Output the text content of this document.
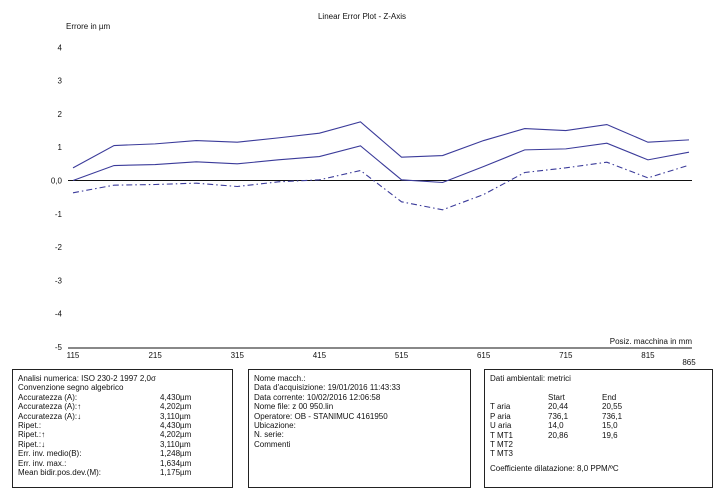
Linear Error Plot - Z-Axis
Errore in µm
Posiz. macchina in mm
4
3
2
1
0,0
-1
-2
-3
-4
-5
115	215	315	415	515	615	715	815
865
Analisi numerica: ISO 230-2 1997 2,0σ
Convenzione segno algebrico
Accuratezza (A):	4,430µm
Accuratezza (A):↑	4,202µm
Accuratezza (A):↓	3,110µm
Ripet.:	4,430µm
Ripet.:↑	4,202µm
Ripet.:↓	3,110µm
Err. inv. medio(B):	1,248µm
Err. inv. max.:	1,634µm
Mean bidir.pos.dev.(M):	1,175µm
Nome macch.:
Data d'acquisizione: 19/01/2016 11:43:33
Data corrente: 10/02/2016 12:06:58
Nome file: z 00 950.lin
Operatore: OB - STANIMUC 4161950
Ubicazione:
N. serie:
Commenti
Dati ambientali: metrici
	Start	End
T aria	20,44	20,55
P aria	736,1	736,1
U aria	14,0	15,0
T MT1	20,86	19,6
T MT2		
T MT3		
Coefficiente dilatazione: 8,0 PPM/ºC
